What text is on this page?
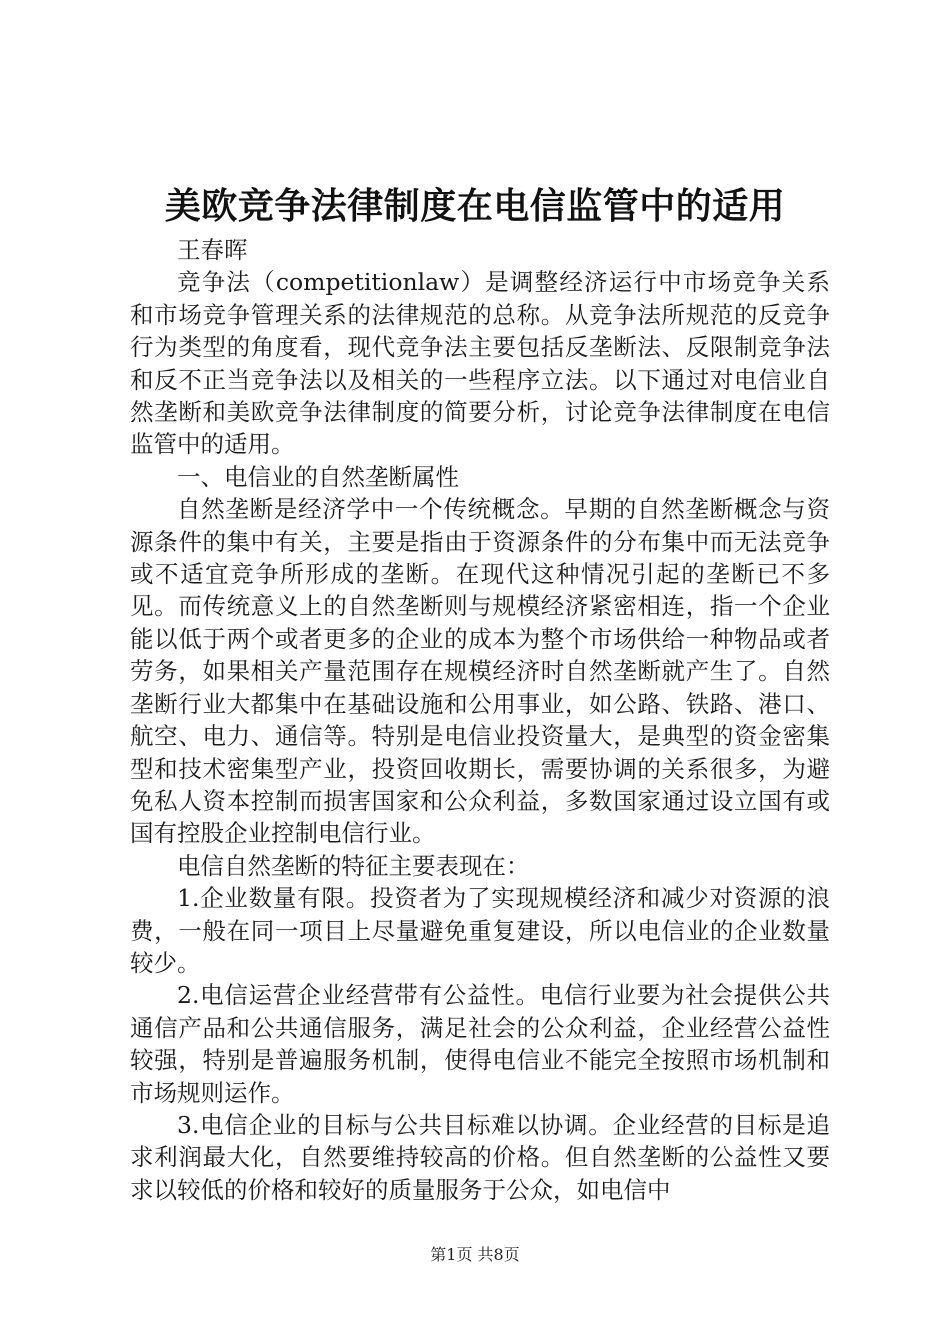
美欧竞争法律制度在电信监管中的适用

王春晖

竞争法（competitionlaw）是调整经济运行中市场竞争关系和市场竞争管理关系的法律规范的总称。从竞争法所规范的反竞争行为类型的角度看，现代竞争法主要包括反垄断法、反限制竞争法和反不正当竞争法以及相关的一些程序立法。以下通过对电信业自然垄断和美欧竞争法律制度的简要分析，讨论竞争法律制度在电信监管中的适用。

一、电信业的自然垄断属性

自然垄断是经济学中一个传统概念。早期的自然垄断概念与资源条件的集中有关，主要是指由于资源条件的分布集中而无法竞争或不适宜竞争所形成的垄断。在现代这种情况引起的垄断已不多见。而传统意义上的自然垄断则与规模经济紧密相连，指一个企业能以低于两个或者更多的企业的成本为整个市场供给一种物品或者劳务，如果相关产量范围存在规模经济时自然垄断就产生了。自然垄断行业大都集中在基础设施和公用事业，如公路、铁路、港口、航空、电力、通信等。特别是电信业投资量大，是典型的资金密集型和技术密集型产业，投资回收期长，需要协调的关系很多，为避免私人资本控制而损害国家和公众利益，多数国家通过设立国有或国有控股企业控制电信行业。

电信自然垄断的特征主要表现在：

1.企业数量有限。投资者为了实现规模经济和减少对资源的浪费，一般在同一项目上尽量避免重复建设，所以电信业的企业数量较少。

2.电信运营企业经营带有公益性。电信行业要为社会提供公共通信产品和公共通信服务，满足社会的公众利益，企业经营公益性较强，特别是普遍服务机制，使得电信业不能完全按照市场机制和市场规则运作。

3.电信企业的目标与公共目标难以协调。企业经营的目标是追求利润最大化，自然要维持较高的价格。但自然垄断的公益性又要求以较低的价格和较好的质量服务于公众，如电信中

第1页 共8页
